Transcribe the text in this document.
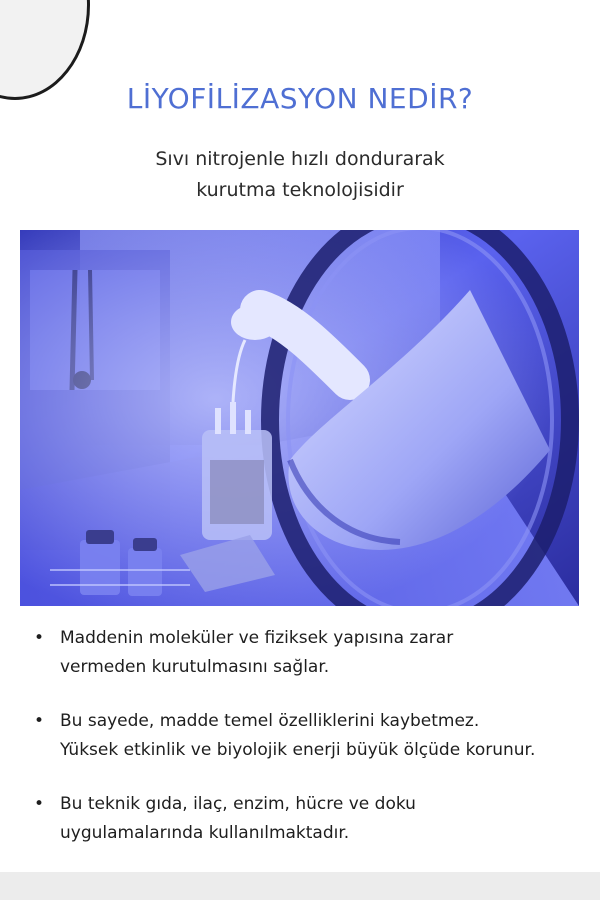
LİYOFİLİZASYON NEDİR?

Sıvı nitrojenle hızlı dondurarak
kurutma teknolojisidir

• Maddenin moleküler ve fiziksek yapısına zarar
vermeden kurutulmasını sağlar.
• Bu sayede, madde temel özelliklerini kaybetmez.
Yüksek etkinlik ve biyolojik enerji büyük ölçüde korunur.
• Bu teknik gıda, ilaç, enzim, hücre ve doku
uygulamalarında kullanılmaktadır.
